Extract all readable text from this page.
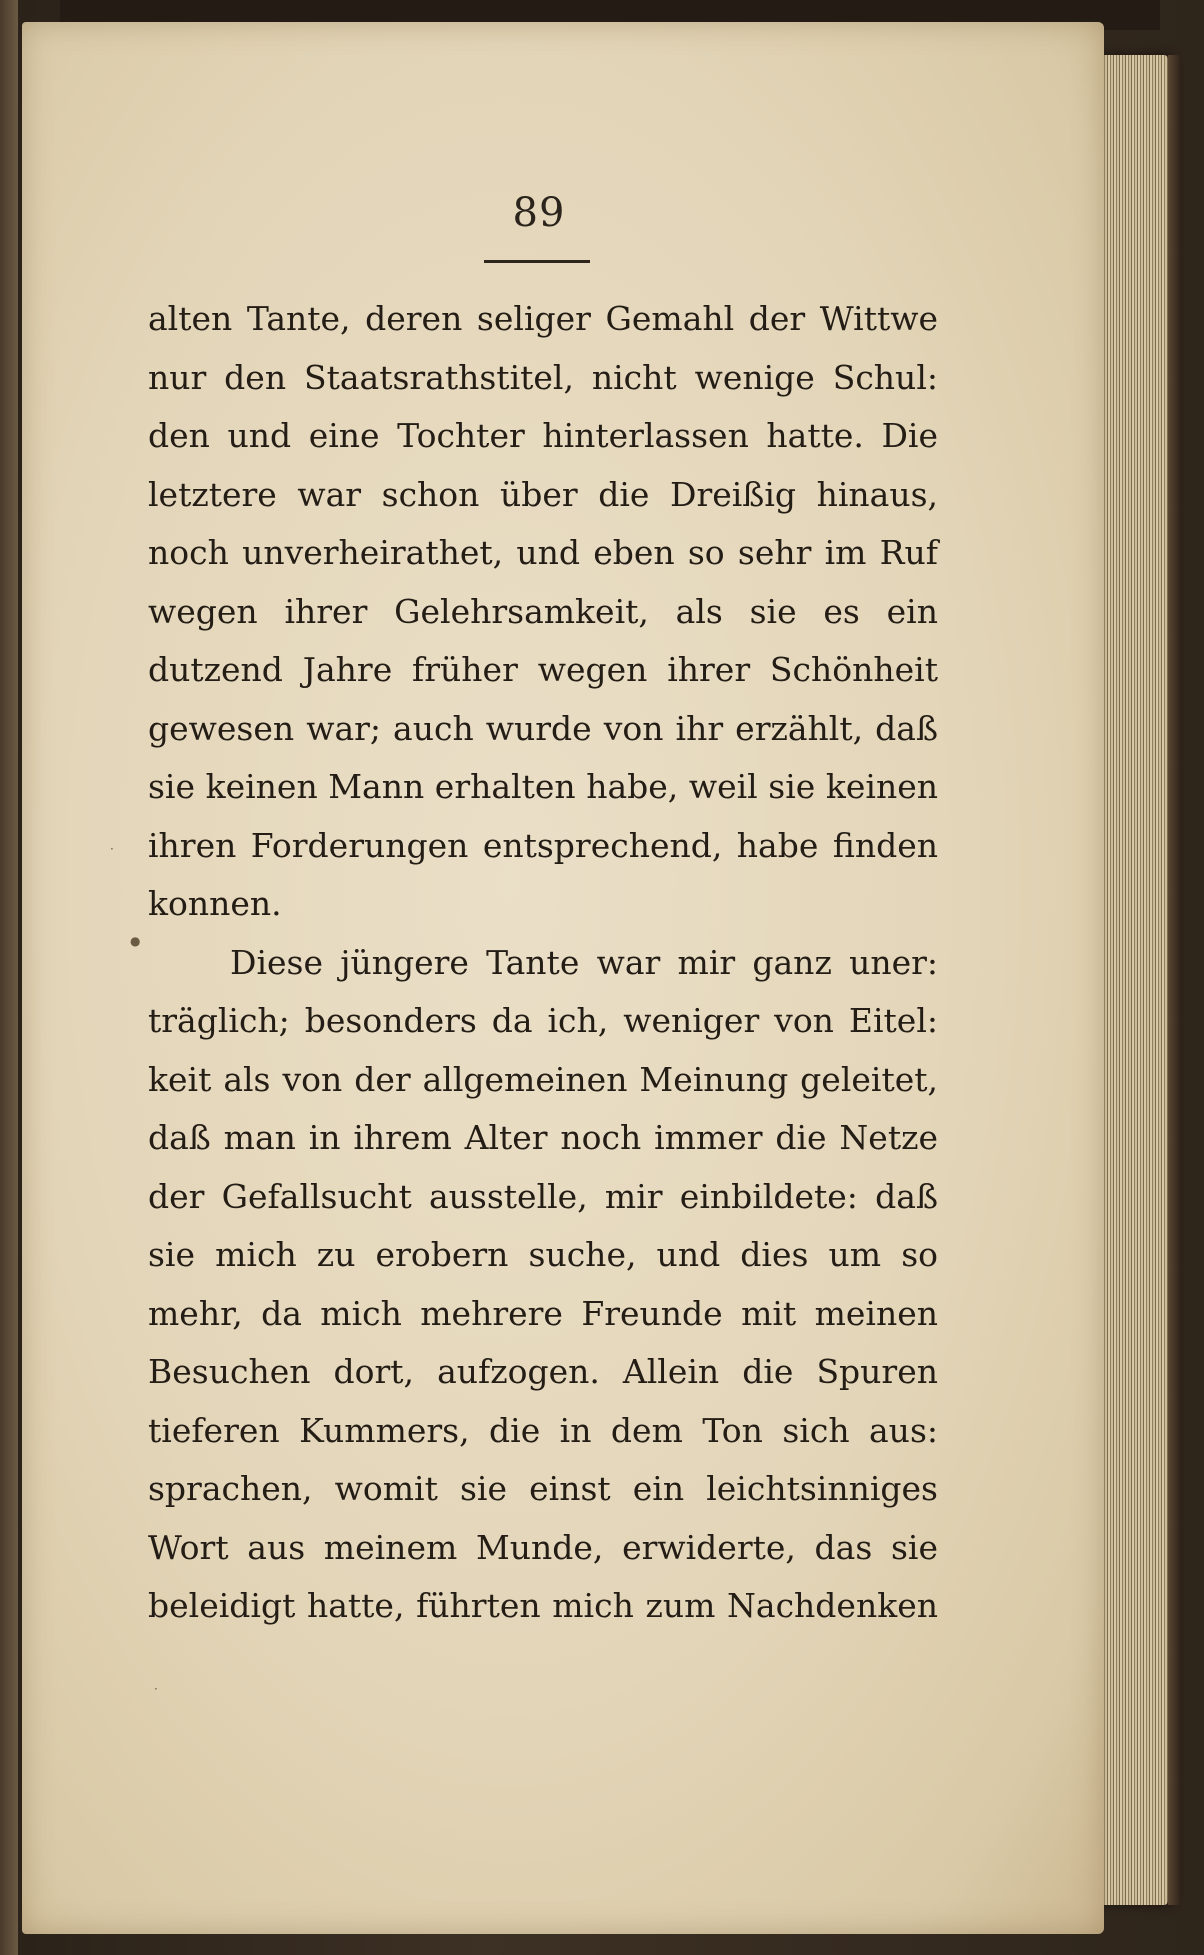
89
alten Tante, deren seliger Gemahl der Wittwe
nur den Staatsrathstitel, nicht wenige Schul:
den und eine Tochter hinterlassen hatte. Die
letztere war schon über die Dreißig hinaus,
noch unverheirathet, und eben so sehr im Ruf
wegen ihrer Gelehrsamkeit, als sie es ein
dutzend Jahre früher wegen ihrer Schönheit
gewesen war; auch wurde von ihr erzählt, daß
sie keinen Mann erhalten habe, weil sie keinen
ihren Forderungen entsprechend, habe finden
konnen.
Diese jüngere Tante war mir ganz uner:
träglich; besonders da ich, weniger von Eitel:
keit als von der allgemeinen Meinung geleitet,
daß man in ihrem Alter noch immer die Netze
der Gefallsucht ausstelle, mir einbildete: daß
sie mich zu erobern suche, und dies um so
mehr, da mich mehrere Freunde mit meinen
Besuchen dort, aufzogen. Allein die Spuren
tieferen Kummers, die in dem Ton sich aus:
sprachen, womit sie einst ein leichtsinniges
Wort aus meinem Munde, erwiderte, das sie
beleidigt hatte, führten mich zum Nachdenken
●
·
·
